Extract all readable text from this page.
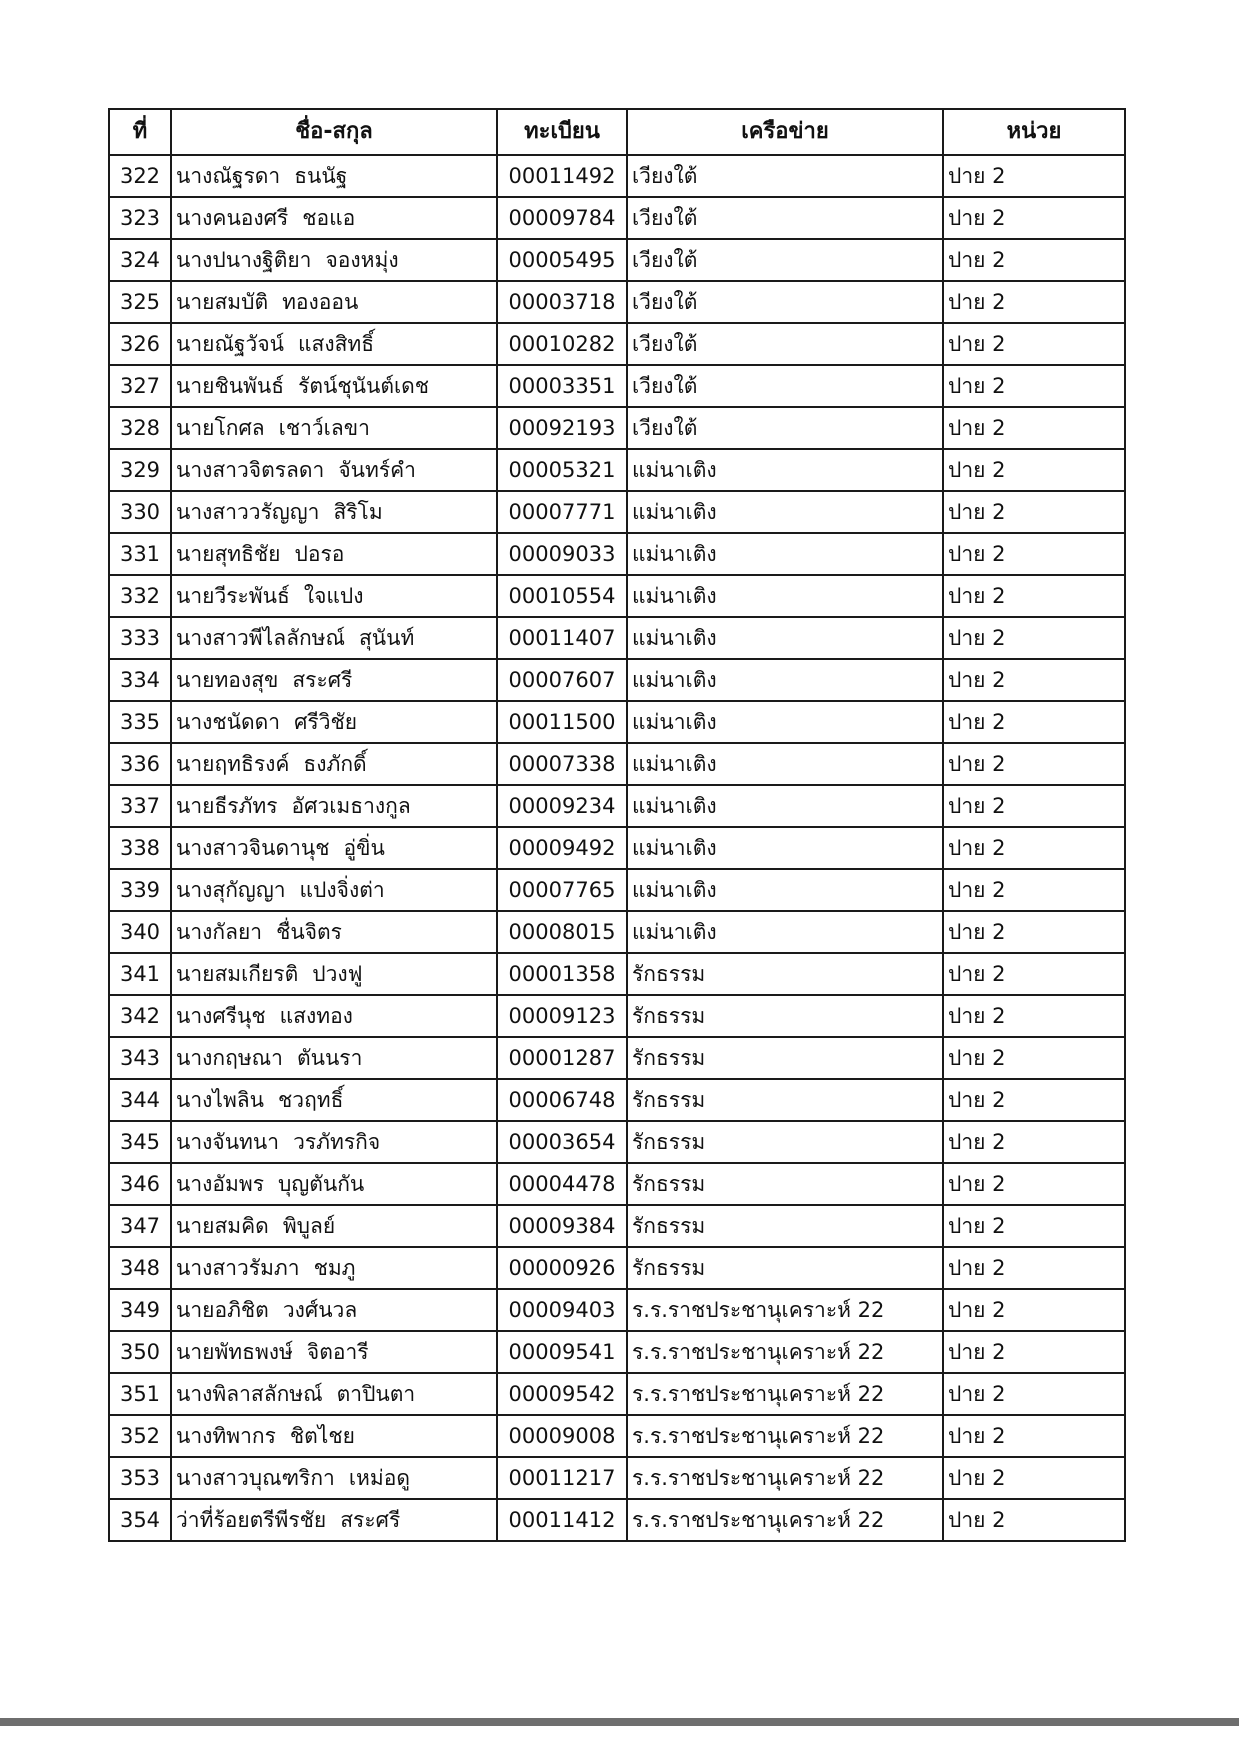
ที่	ชื่อ-สกุล	ทะเบียน	เครือข่าย	หน่วย
322	นางณัฐรดา ธนนัฐ	00011492	เวียงใต้	ปาย 2
323	นางคนองศรี ชอแอ	00009784	เวียงใต้	ปาย 2
324	นางปนางฐิติยา จองหมุ่ง	00005495	เวียงใต้	ปาย 2
325	นายสมบัติ ทองออน	00003718	เวียงใต้	ปาย 2
326	นายณัฐวัจน์ แสงสิทธิ์	00010282	เวียงใต้	ปาย 2
327	นายชินพันธ์ รัตน์ชุนันต์เดช	00003351	เวียงใต้	ปาย 2
328	นายโกศล เชาว์เลขา	00092193	เวียงใต้	ปาย 2
329	นางสาวจิตรลดา จันทร์คำ	00005321	แม่นาเติง	ปาย 2
330	นางสาววรัญญา สิริโม	00007771	แม่นาเติง	ปาย 2
331	นายสุทธิชัย ปอรอ	00009033	แม่นาเติง	ปาย 2
332	นายวีระพันธ์ ใจแปง	00010554	แม่นาเติง	ปาย 2
333	นางสาวพีไลลักษณ์ สุนันท์	00011407	แม่นาเติง	ปาย 2
334	นายทองสุข สระศรี	00007607	แม่นาเติง	ปาย 2
335	นางชนัดดา ศรีวิชัย	00011500	แม่นาเติง	ปาย 2
336	นายฤทธิรงค์ ธงภักดิ์	00007338	แม่นาเติง	ปาย 2
337	นายธีรภัทร อัศวเมธางกูล	00009234	แม่นาเติง	ปาย 2
338	นางสาวจินดานุช อู่ขิ่น	00009492	แม่นาเติง	ปาย 2
339	นางสุกัญญา แปงจิ่งต่า	00007765	แม่นาเติง	ปาย 2
340	นางกัลยา ชื่นจิตร	00008015	แม่นาเติง	ปาย 2
341	นายสมเกียรติ ปวงฟู	00001358	รักธรรม	ปาย 2
342	นางศรีนุช แสงทอง	00009123	รักธรรม	ปาย 2
343	นางกฤษณา ตันนรา	00001287	รักธรรม	ปาย 2
344	นางไพลิน ชวฤทธิ์	00006748	รักธรรม	ปาย 2
345	นางจันทนา วรภัทรกิจ	00003654	รักธรรม	ปาย 2
346	นางอัมพร บุญตันกัน	00004478	รักธรรม	ปาย 2
347	นายสมคิด พิบูลย์	00009384	รักธรรม	ปาย 2
348	นางสาวรัมภา ชมภู	00000926	รักธรรม	ปาย 2
349	นายอภิชิต วงศ์นวล	00009403	ร.ร.ราชประชานุเคราะห์ 22	ปาย 2
350	นายพัทธพงษ์ จิตอารี	00009541	ร.ร.ราชประชานุเคราะห์ 22	ปาย 2
351	นางพิลาสลักษณ์ ตาปินตา	00009542	ร.ร.ราชประชานุเคราะห์ 22	ปาย 2
352	นางทิพากร ชิตไชย	00009008	ร.ร.ราชประชานุเคราะห์ 22	ปาย 2
353	นางสาวบุณฑริกา เหม่อดู	00011217	ร.ร.ราชประชานุเคราะห์ 22	ปาย 2
354	ว่าที่ร้อยตรีพีรชัย สระศรี	00011412	ร.ร.ราชประชานุเคราะห์ 22	ปาย 2
